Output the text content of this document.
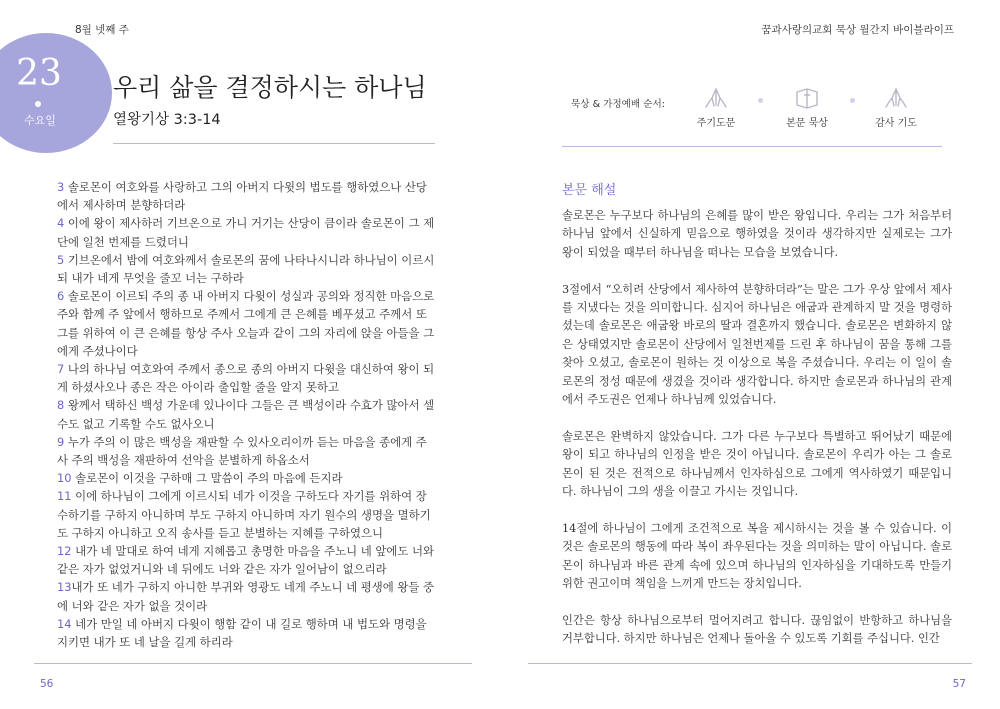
8월 넷째 주	꿈과사랑의교회 묵상 월간지 바이블라이프
23
수요일
우리 삶을 결정하시는 하나님
열왕기상 3:3-14

3 솔로몬이 여호와를 사랑하고 그의 아버지 다윗의 법도를 행하였으나 산당에서 제사하며 분향하더라

4 이에 왕이 제사하러 기브온으로 가니 거기는 산당이 큼이라 솔로몬이 그 제단에 일천 번제를 드렸더니

5 기브온에서 밤에 여호와께서 솔로몬의 꿈에 나타나시니라 하나님이 이르시되 내가 네게 무엇을 줄꼬 너는 구하라

6 솔로몬이 이르되 주의 종 내 아버지 다윗이 성실과 공의와 정직한 마음으로 주와 함께 주 앞에서 행하므로 주께서 그에게 큰 은혜를 베푸셨고 주께서 또 그를 위하여 이 큰 은혜를 항상 주사 오늘과 같이 그의 자리에 앉을 아들을 그에게 주셨나이다

7 나의 하나님 여호와여 주께서 종으로 종의 아버지 다윗을 대신하여 왕이 되게 하셨사오나 종은 작은 아이라 출입할 줄을 알지 못하고

8 왕께서 택하신 백성 가운데 있나이다 그들은 큰 백성이라 수효가 많아서 셀 수도 없고 기록할 수도 없사오니

9 누가 주의 이 많은 백성을 재판할 수 있사오리이까 듣는 마음을 종에게 주사 주의 백성을 재판하여 선악을 분별하게 하옵소서

10 솔로몬이 이것을 구하매 그 말씀이 주의 마음에 든지라

11 이에 하나님이 그에게 이르시되 네가 이것을 구하도다 자기를 위하여 장수하기를 구하지 아니하며 부도 구하지 아니하며 자기 원수의 생명을 멸하기도 구하지 아니하고 오직 송사를 듣고 분별하는 지혜를 구하였으니

12 내가 네 말대로 하여 네게 지혜롭고 총명한 마음을 주노니 네 앞에도 너와 같은 자가 없었거니와 네 뒤에도 너와 같은 자가 일어남이 없으리라

13내가 또 네가 구하지 아니한 부귀와 영광도 네게 주노니 네 평생에 왕들 중에 너와 같은 자가 없을 것이라

14 네가 만일 네 아버지 다윗이 행함 같이 내 길로 행하며 내 법도와 명령을 지키면 내가 또 네 날을 길게 하리라

56
묵상 & 가정예배 순서:
주기도문	본문 묵상	감사 기도
본문 해설

솔로몬은 누구보다 하나님의 은혜를 많이 받은 왕입니다. 우리는 그가 처음부터 하나님 앞에서 신실하게 믿음으로 행하였을 것이라 생각하지만 실제로는 그가 왕이 되었을 때부터 하나님을 떠나는 모습을 보였습니다.

3절에서 “오히려 산당에서 제사하여 분향하더라”는 말은 그가 우상 앞에서 제사를 지냈다는 것을 의미합니다. 심지어 하나님은 애굽과 관계하지 말 것을 명령하셨는데 솔로몬은 애굽왕 바로의 딸과 결혼까지 했습니다. 솔로몬은 변화하지 않은 상태였지만 솔로몬이 산당에서 일천번제를 드린 후 하나님이 꿈을 통해 그를 찾아 오셨고, 솔로몬이 원하는 것 이상으로 복을 주셨습니다. 우리는 이 일이 솔로몬의 정성 때문에 생겼을 것이라 생각합니다. 하지만 솔로몬과 하나님의 관계에서 주도권은 언제나 하나님께 있었습니다.

솔로몬은 완벽하지 않았습니다. 그가 다른 누구보다 특별하고 뛰어났기 때문에 왕이 되고 하나님의 인정을 받은 것이 아닙니다. 솔로몬이 우리가 아는 그 솔로몬이 된 것은 전적으로 하나님께서 인자하심으로 그에게 역사하였기 때문입니다. 하나님이 그의 생을 이끌고 가시는 것입니다.

14절에 하나님이 그에게 조건적으로 복을 제시하시는 것을 볼 수 있습니다. 이것은 솔로몬의 행동에 따라 복이 좌우된다는 것을 의미하는 말이 아닙니다. 솔로몬이 하나님과 바른 관계 속에 있으며 하나님의 인자하심을 기대하도록 만들기 위한 권고이며 책임을 느끼게 만드는 장치입니다.

인간은 항상 하나님으로부터 멀어지려고 합니다. 끊임없이 반항하고 하나님을 거부합니다. 하지만 하나님은 언제나 돌아올 수 있도록 기회를 주십니다. 인간

57
